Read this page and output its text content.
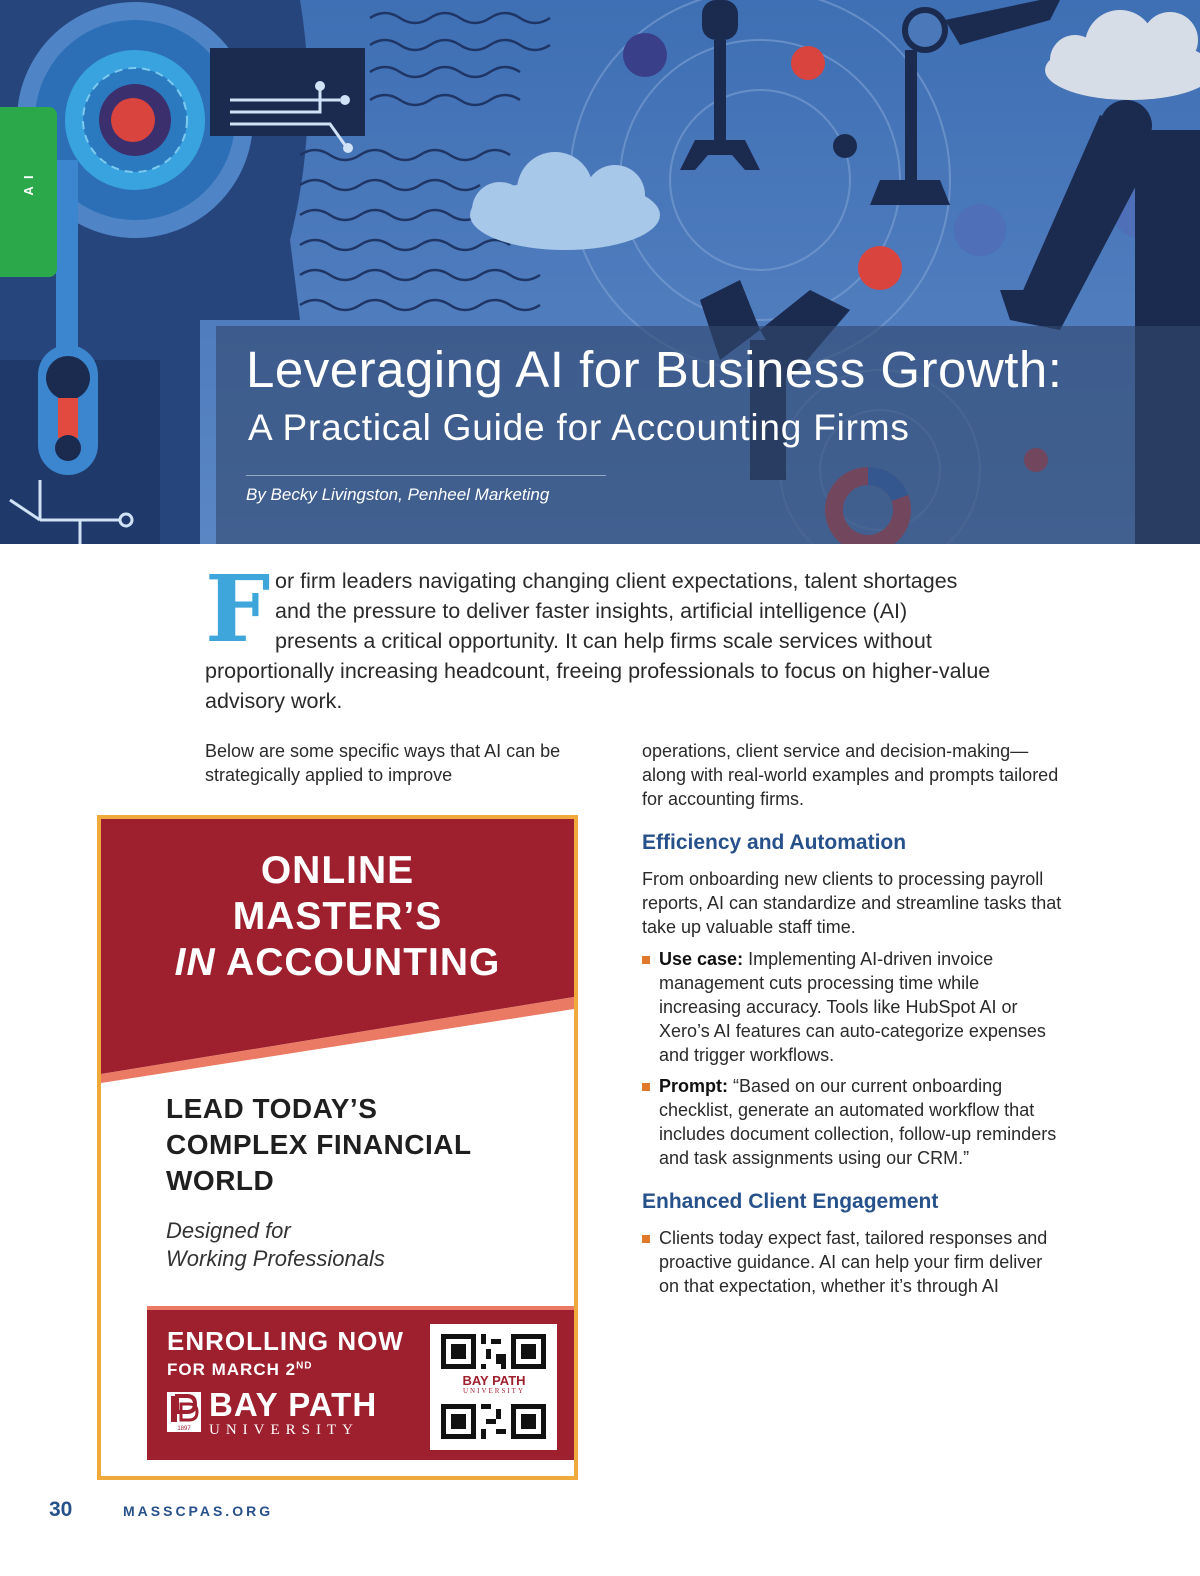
A I
Leveraging AI for Business Growth:
A Practical Guide for Accounting Firms
By Becky Livingston, Penheel Marketing
F or firm leaders navigating changing client expectations, talent shortages and the pressure to deliver faster insights, artificial intelligence (AI) presents a critical opportunity. It can help firms scale services without proportionally increasing headcount, freeing professionals to focus on higher-value advisory work.

Below are some specific ways that AI can be strategically applied to improve
ONLINE
MASTER’S
IN ACCOUNTING
LEAD TODAY’S
COMPLEX FINANCIAL
WORLD
Designed for
Working Professionals
ENROLLING NOW
FOR MARCH 2ND
1897
BAY PATH
UNIVERSITY
BAY PATH
UNIVERSITY

operations, client service and decision-making—along with real-world examples and prompts tailored for accounting firms.

Efficiency and Automation

From onboarding new clients to processing payroll reports, AI can standardize and streamline tasks that take up valuable staff time.

Use case: Implementing AI-driven invoice management cuts processing time while increasing accuracy. Tools like HubSpot AI or Xero’s AI features can auto-categorize expenses and trigger workflows.
Prompt: “Based on our current onboarding checklist, generate an automated workflow that includes document collection, follow-up reminders and task assignments using our CRM.”
Enhanced Client Engagement
Clients today expect fast, tailored responses and proactive guidance. AI can help your firm deliver on that expectation, whether it’s through AI
30	MASSCPAS.ORG
